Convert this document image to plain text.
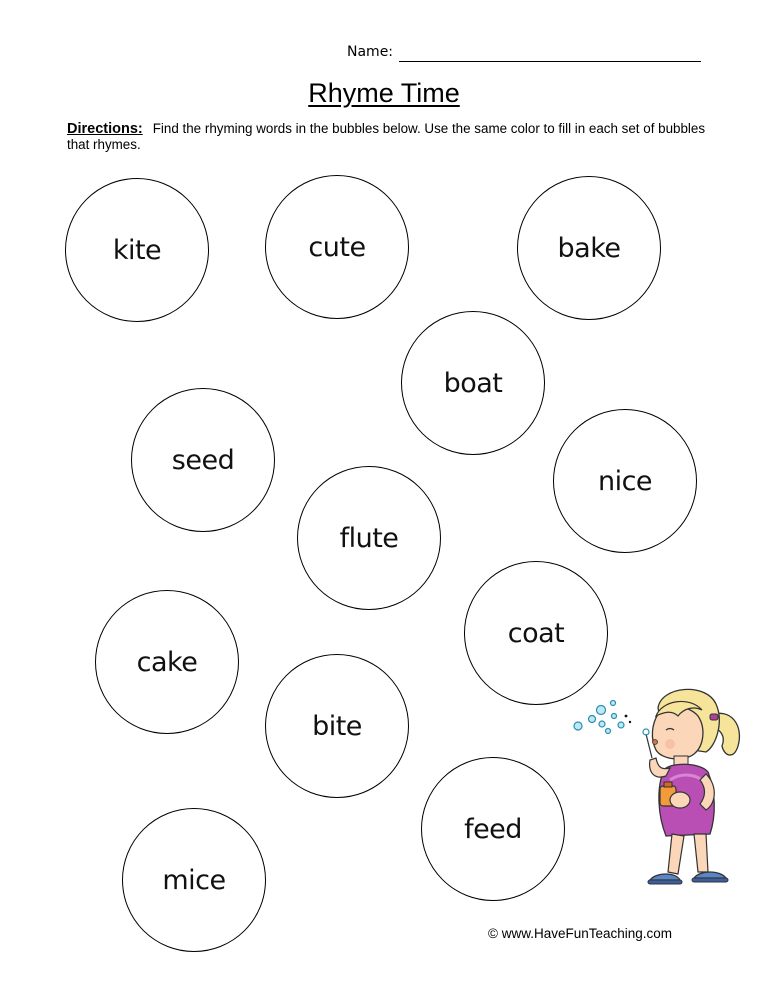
Name:
Rhyme Time
Directions: Find the rhyming words in the bubbles below. Use the same color to fill in each set of bubbles that rhymes.
kite	cute	bake
boat
seed
nice
flute
coat
cake
bite
feed
mice
© www.HaveFunTeaching.com
